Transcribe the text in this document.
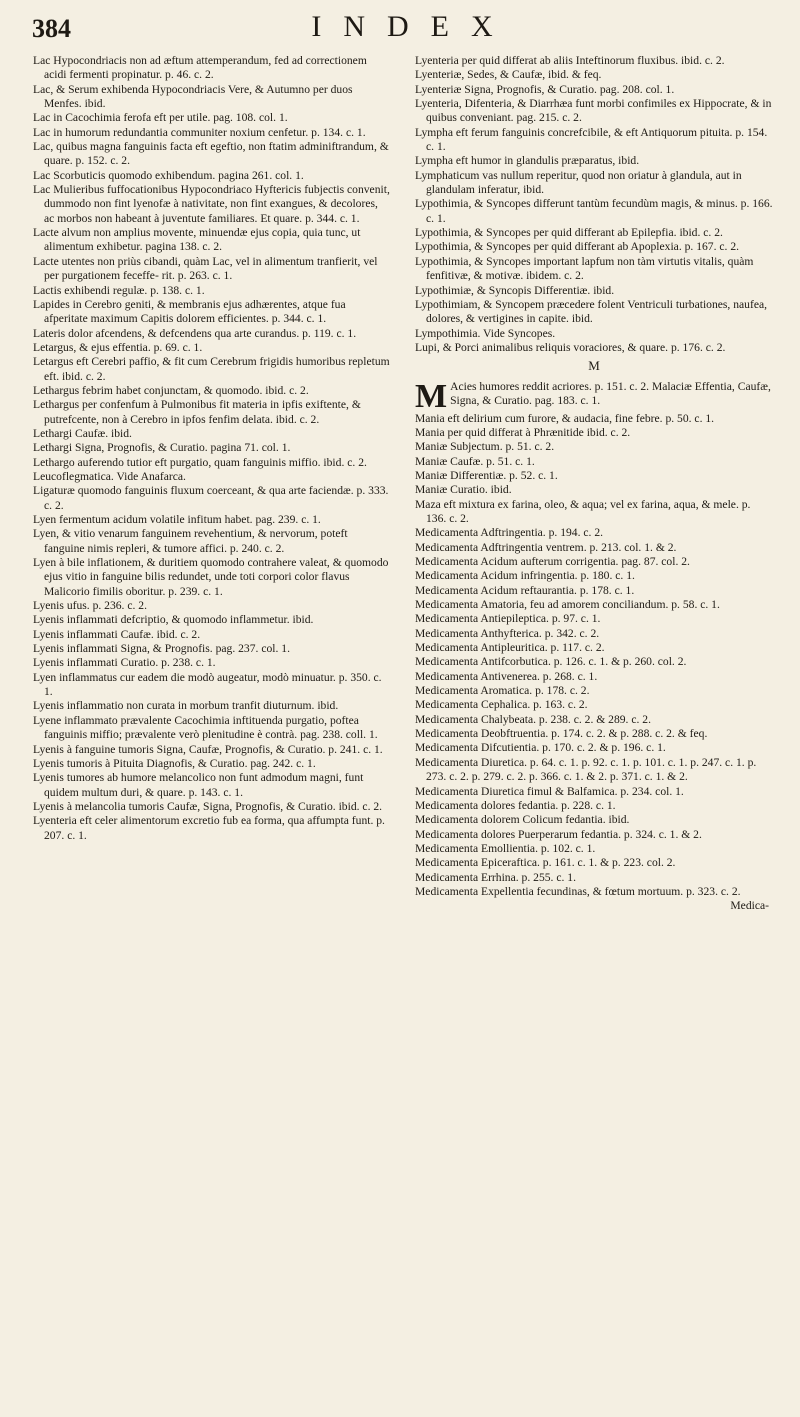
384	INDEX
Lac Hypocondriacis non ad æftum attemperandum, fed ad correctionem acidi fermenti propinatur. p. 46. c. 2.
Lac, & Serum exhibenda Hypocondriacis Vere, & Autumno per duos Menfes. ibid.
Lac in Cacochimia ferofa eft per utile. pag. 108. col. 1.
Lac in humorum redundantia communiter noxium cenfetur. p. 134. c. 1.
Lac, quibus magna fanguinis facta eft egeftio, non ftatim adminiftrandum, & quare. p. 152. c. 2.
Lac Scorbuticis quomodo exhibendum. pagina 261. col. 1.
Lac Mulieribus fuffocationibus Hypocondriaco Hyftericis fubjectis convenit, dummodo non fint lyenofæ à nativitate, non fint exangues, & decolores, ac morbos non habeant à juventute familiares. Et quare. p. 344. c. 1.
Lacte alvum non amplius movente, minuendæ ejus copia, quia tunc, ut alimentum exhibetur. pagina 138. c. 2.
Lacte utentes non priùs cibandi, quàm Lac, vel in alimentum tranfierit, vel per purgationem feceffe- rit. p. 263. c. 1.
Lactis exhibendi regulæ. p. 138. c. 1.
Lapides in Cerebro geniti, & membranis ejus adhærentes, atque fua afperitate maximum Capitis dolorem efficientes. p. 344. c. 1.
Lateris dolor afcendens, & defcendens qua arte curandus. p. 119. c. 1.
Letargus, & ejus effentia. p. 69. c. 1.
Letargus eft Cerebri paffio, & fit cum Cerebrum frigidis humoribus repletum eft. ibid. c. 2.
Lethargus febrim habet conjunctam, & quomodo. ibid. c. 2.
Lethargus per confenfum à Pulmonibus fit materia in ipfis exiftente, & putrefcente, non à Cerebro in ipfos fenfim delata. ibid. c. 2.
Lethargi Caufæ. ibid.
Lethargi Signa, Prognofis, & Curatio. pagina 71. col. 1.
Lethargo auferendo tutior eft purgatio, quam fanguinis miffio. ibid. c. 2.
Leucoflegmatica. Vide Anafarca.
Ligaturæ quomodo fanguinis fluxum coerceant, & qua arte faciendæ. p. 333. c. 2.
Lyen fermentum acidum volatile infitum habet. pag. 239. c. 1.
Lyen, & vitio venarum fanguinem revehentium, & nervorum, poteft fanguine nimis repleri, & tumore affici. p. 240. c. 2.
Lyen à bile inflationem, & duritiem quomodo contrahere valeat, & quomodo ejus vitio in fanguine bilis redundet, unde toti corpori color flavus Malicorio fimilis oboritur. p. 239. c. 1.
Lyenis ufus. p. 236. c. 2.
Lyenis inflammati defcriptio, & quomodo inflammetur. ibid.
Lyenis inflammati Caufæ. ibid. c. 2.
Lyenis inflammati Signa, & Prognofis. pag. 237. col. 1.
Lyenis inflammati Curatio. p. 238. c. 1.
Lyen inflammatus cur eadem die modò augeatur, modò minuatur. p. 350. c. 1.
Lyenis inflammatio non curata in morbum tranfit diuturnum. ibid.
Lyene inflammato prævalente Cacochimia inftituenda purgatio, poftea fanguinis miffio; prævalente verò plenitudine è contrà. pag. 238. coll. 1.
Lyenis à fanguine tumoris Signa, Caufæ, Prognofis, & Curatio. p. 241. c. 1.
Lyenis tumoris à Pituita Diagnofis, & Curatio. pag. 242. c. 1.
Lyenis tumores ab humore melancolico non funt admodum magni, funt quidem multum duri, & quare. p. 143. c. 1.
Lyenis à melancolia tumoris Caufæ, Signa, Prognofis, & Curatio. ibid. c. 2.
Lyenteria eft celer alimentorum excretio fub ea forma, qua affumpta funt. p. 207. c. 1.
Lyenteria per quid differat ab aliis Inteftinorum fluxibus. ibid. c. 2.
Lyenteriæ, Sedes, & Caufæ, ibid. & feq.
Lyenteriæ Signa, Prognofis, & Curatio. pag. 208. col. 1.
Lyenteria, Difenteria, & Diarrhæa funt morbi confimiles ex Hippocrate, & in quibus conveniant. pag. 215. c. 2.
Lympha eft ferum fanguinis concrefcibile, & eft Antiquorum pituita. p. 154. c. 1.
Lympha eft humor in glandulis præparatus, ibid.
Lymphaticum vas nullum reperitur, quod non oriatur à glandula, aut in glandulam inferatur, ibid.
Lypothimia, & Syncopes differunt tantùm fecundùm magis, & minus. p. 166. c. 1.
Lypothimia, & Syncopes per quid differant ab Epilepfia. ibid. c. 2.
Lypothimia, & Syncopes per quid differant ab Apoplexia. p. 167. c. 2.
Lypothimia, & Syncopes important lapfum non tàm virtutis vitalis, quàm fenfitivæ, & motivæ. ibidem. c. 2.
Lypothimiæ, & Syncopis Differentiæ. ibid.
Lypothimiam, & Syncopem præcedere folent Ventriculi turbationes, naufea, dolores, & vertigines in capite. ibid.
Lympothimia. Vide Syncopes.
Lupi, & Porci animalibus reliquis voraciores, & quare. p. 176. c. 2.
M
M Acies humores reddit acriores. p. 151. c. 2. Malaciæ Effentia, Caufæ, Signa, & Curatio. pag. 183. c. 1.
Mania eft delirium cum furore, & audacia, fine febre. p. 50. c. 1.
Mania per quid differat à Phrænitide ibid. c. 2.
Maniæ Subjectum. p. 51. c. 2.
Maniæ Caufæ. p. 51. c. 1.
Maniæ Differentiæ. p. 52. c. 1.
Maniæ Curatio. ibid.
Maza eft mixtura ex farina, oleo, & aqua; vel ex farina, aqua, & mele. p. 136. c. 2.
Medicamenta Adftringentia. p. 194. c. 2.
Medicamenta Adftringentia ventrem. p. 213. col. 1. & 2.
Medicamenta Acidum aufterum corrigentia. pag. 87. col. 2.
Medicamenta Acidum infringentia. p. 180. c. 1.
Medicamenta Acidum reftaurantia. p. 178. c. 1.
Medicamenta Amatoria, feu ad amorem conciliandum. p. 58. c. 1.
Medicamenta Antiepileptica. p. 97. c. 1.
Medicamenta Anthyfterica. p. 342. c. 2.
Medicamenta Antipleuritica. p. 117. c. 2.
Medicamenta Antifcorbutica. p. 126. c. 1. & p. 260. col. 2.
Medicamenta Antivenerea. p. 268. c. 1.
Medicamenta Aromatica. p. 178. c. 2.
Medicamenta Cephalica. p. 163. c. 2.
Medicamenta Chalybeata. p. 238. c. 2. & 289. c. 2.
Medicamenta Deobftruentia. p. 174. c. 2. & p. 288. c. 2. & feq.
Medicamenta Difcutientia. p. 170. c. 2. & p. 196. c. 1.
Medicamenta Diuretica. p. 64. c. 1. p. 92. c. 1. p. 101. c. 1. p. 247. c. 1. p. 273. c. 2. p. 279. c. 2. p. 366. c. 1. & 2. p. 371. c. 1. & 2.
Medicamenta Diuretica fimul & Balfamica. p. 234. col. 1.
Medicamenta dolores fedantia. p. 228. c. 1.
Medicamenta dolorem Colicum fedantia. ibid.
Medicamenta dolores Puerperarum fedantia. p. 324. c. 1. & 2.
Medicamenta Emollientia. p. 102. c. 1.
Medicamenta Epiceraftica. p. 161. c. 1. & p. 223. col. 2.
Medicamenta Errhina. p. 255. c. 1.
Medicamenta Expellentia fecundinas, & fœtum mortuum. p. 323. c. 2.
Medica-
